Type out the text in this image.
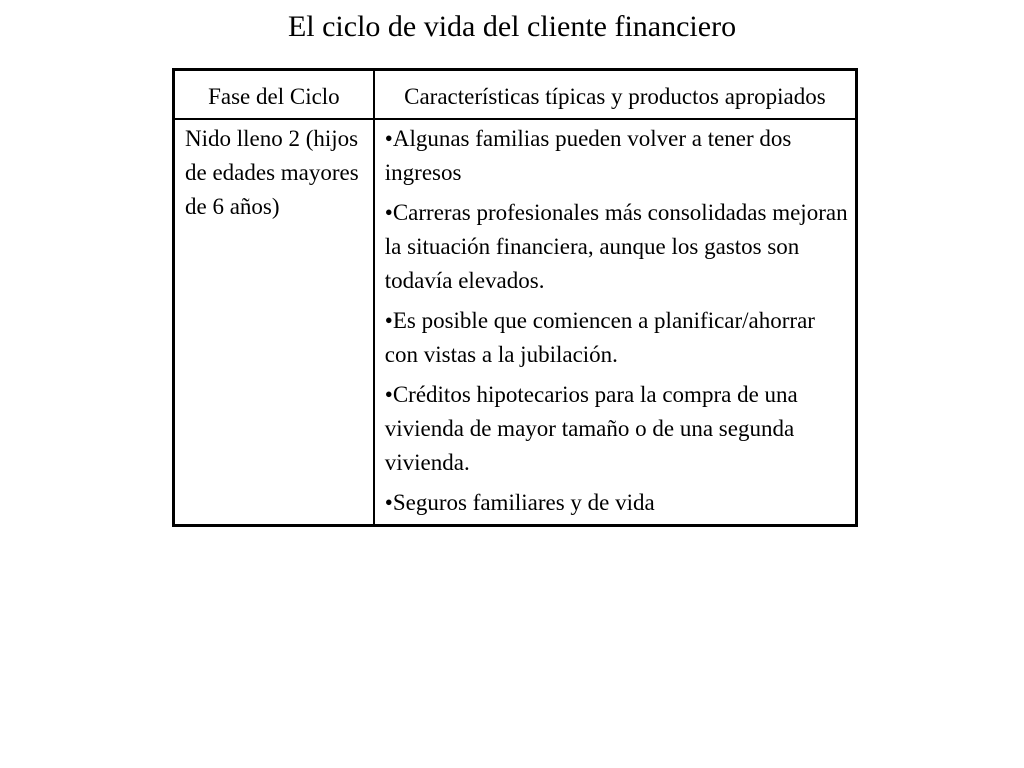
El ciclo de vida del cliente financiero
Fase del Ciclo	Características típicas y productos apropiados
Nido lleno 2 (hijos de edades mayores de 6 años)	•Algunas familias pueden volver a tener dos ingresos
•Carreras profesionales más consolidadas mejoran la situación financiera, aunque los gastos son todavía elevados.
•Es posible que comiencen a planificar/ahorrar con vistas a la jubilación.
•Créditos hipotecarios para la compra de una vivienda de mayor tamaño o de una segunda vivienda.
•Seguros familiares y de vida
